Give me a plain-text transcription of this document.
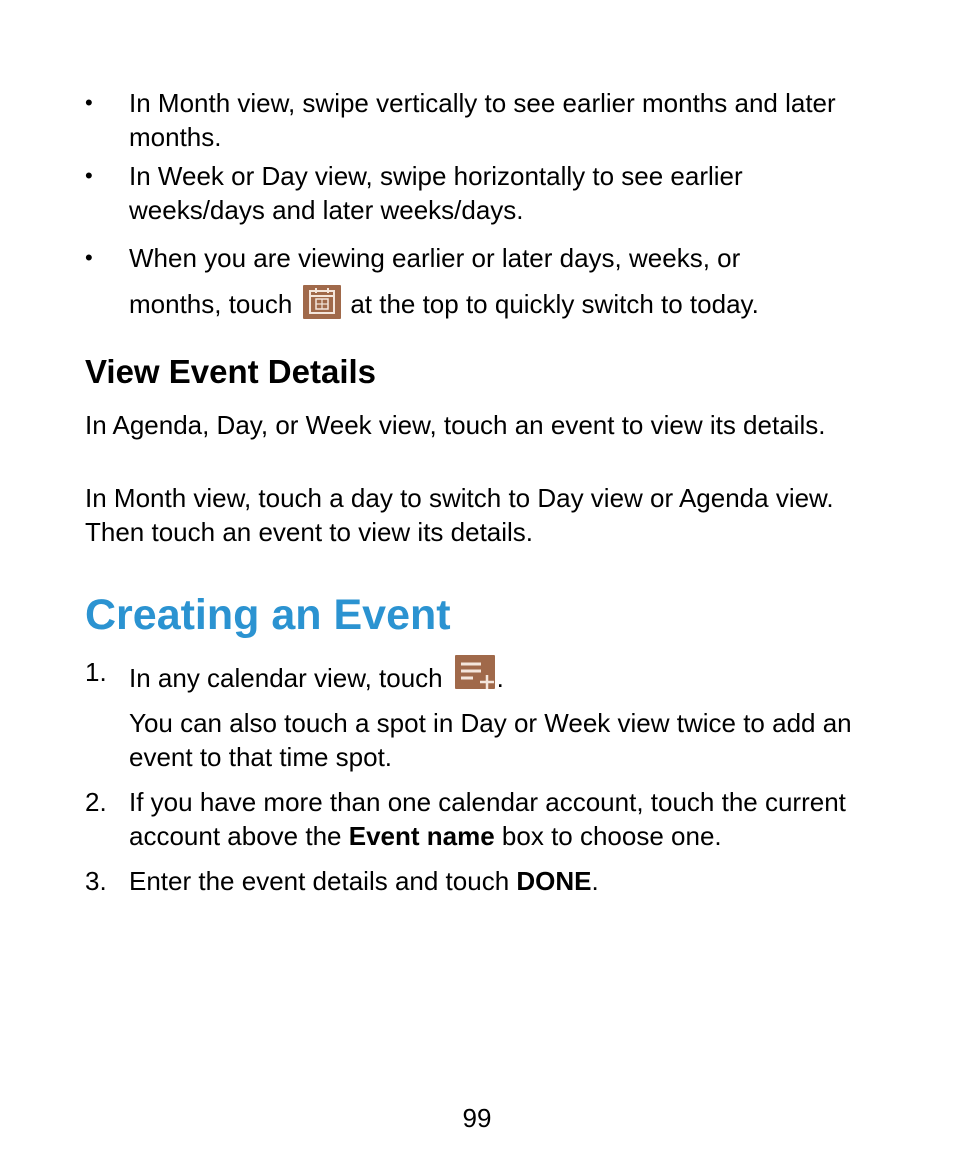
• In Month view, swipe vertically to see earlier months and later months.
• In Week or Day view, swipe horizontally to see earlier weeks/days and later weeks/days.
• When you are viewing earlier or later days, weeks, or
months, touch at the top to quickly switch to today.
View Event Details

In Agenda, Day, or Week view, touch an event to view its details.

In Month view, touch a day to switch to Day view or Agenda view. Then touch an event to view its details.

Creating an Event
1. In any calendar view, touch .
You can also touch a spot in Day or Week view twice to add an event to that time spot.
2. If you have more than one calendar account, touch the current account above the Event name box to choose one.
3. Enter the event details and touch DONE.
99
